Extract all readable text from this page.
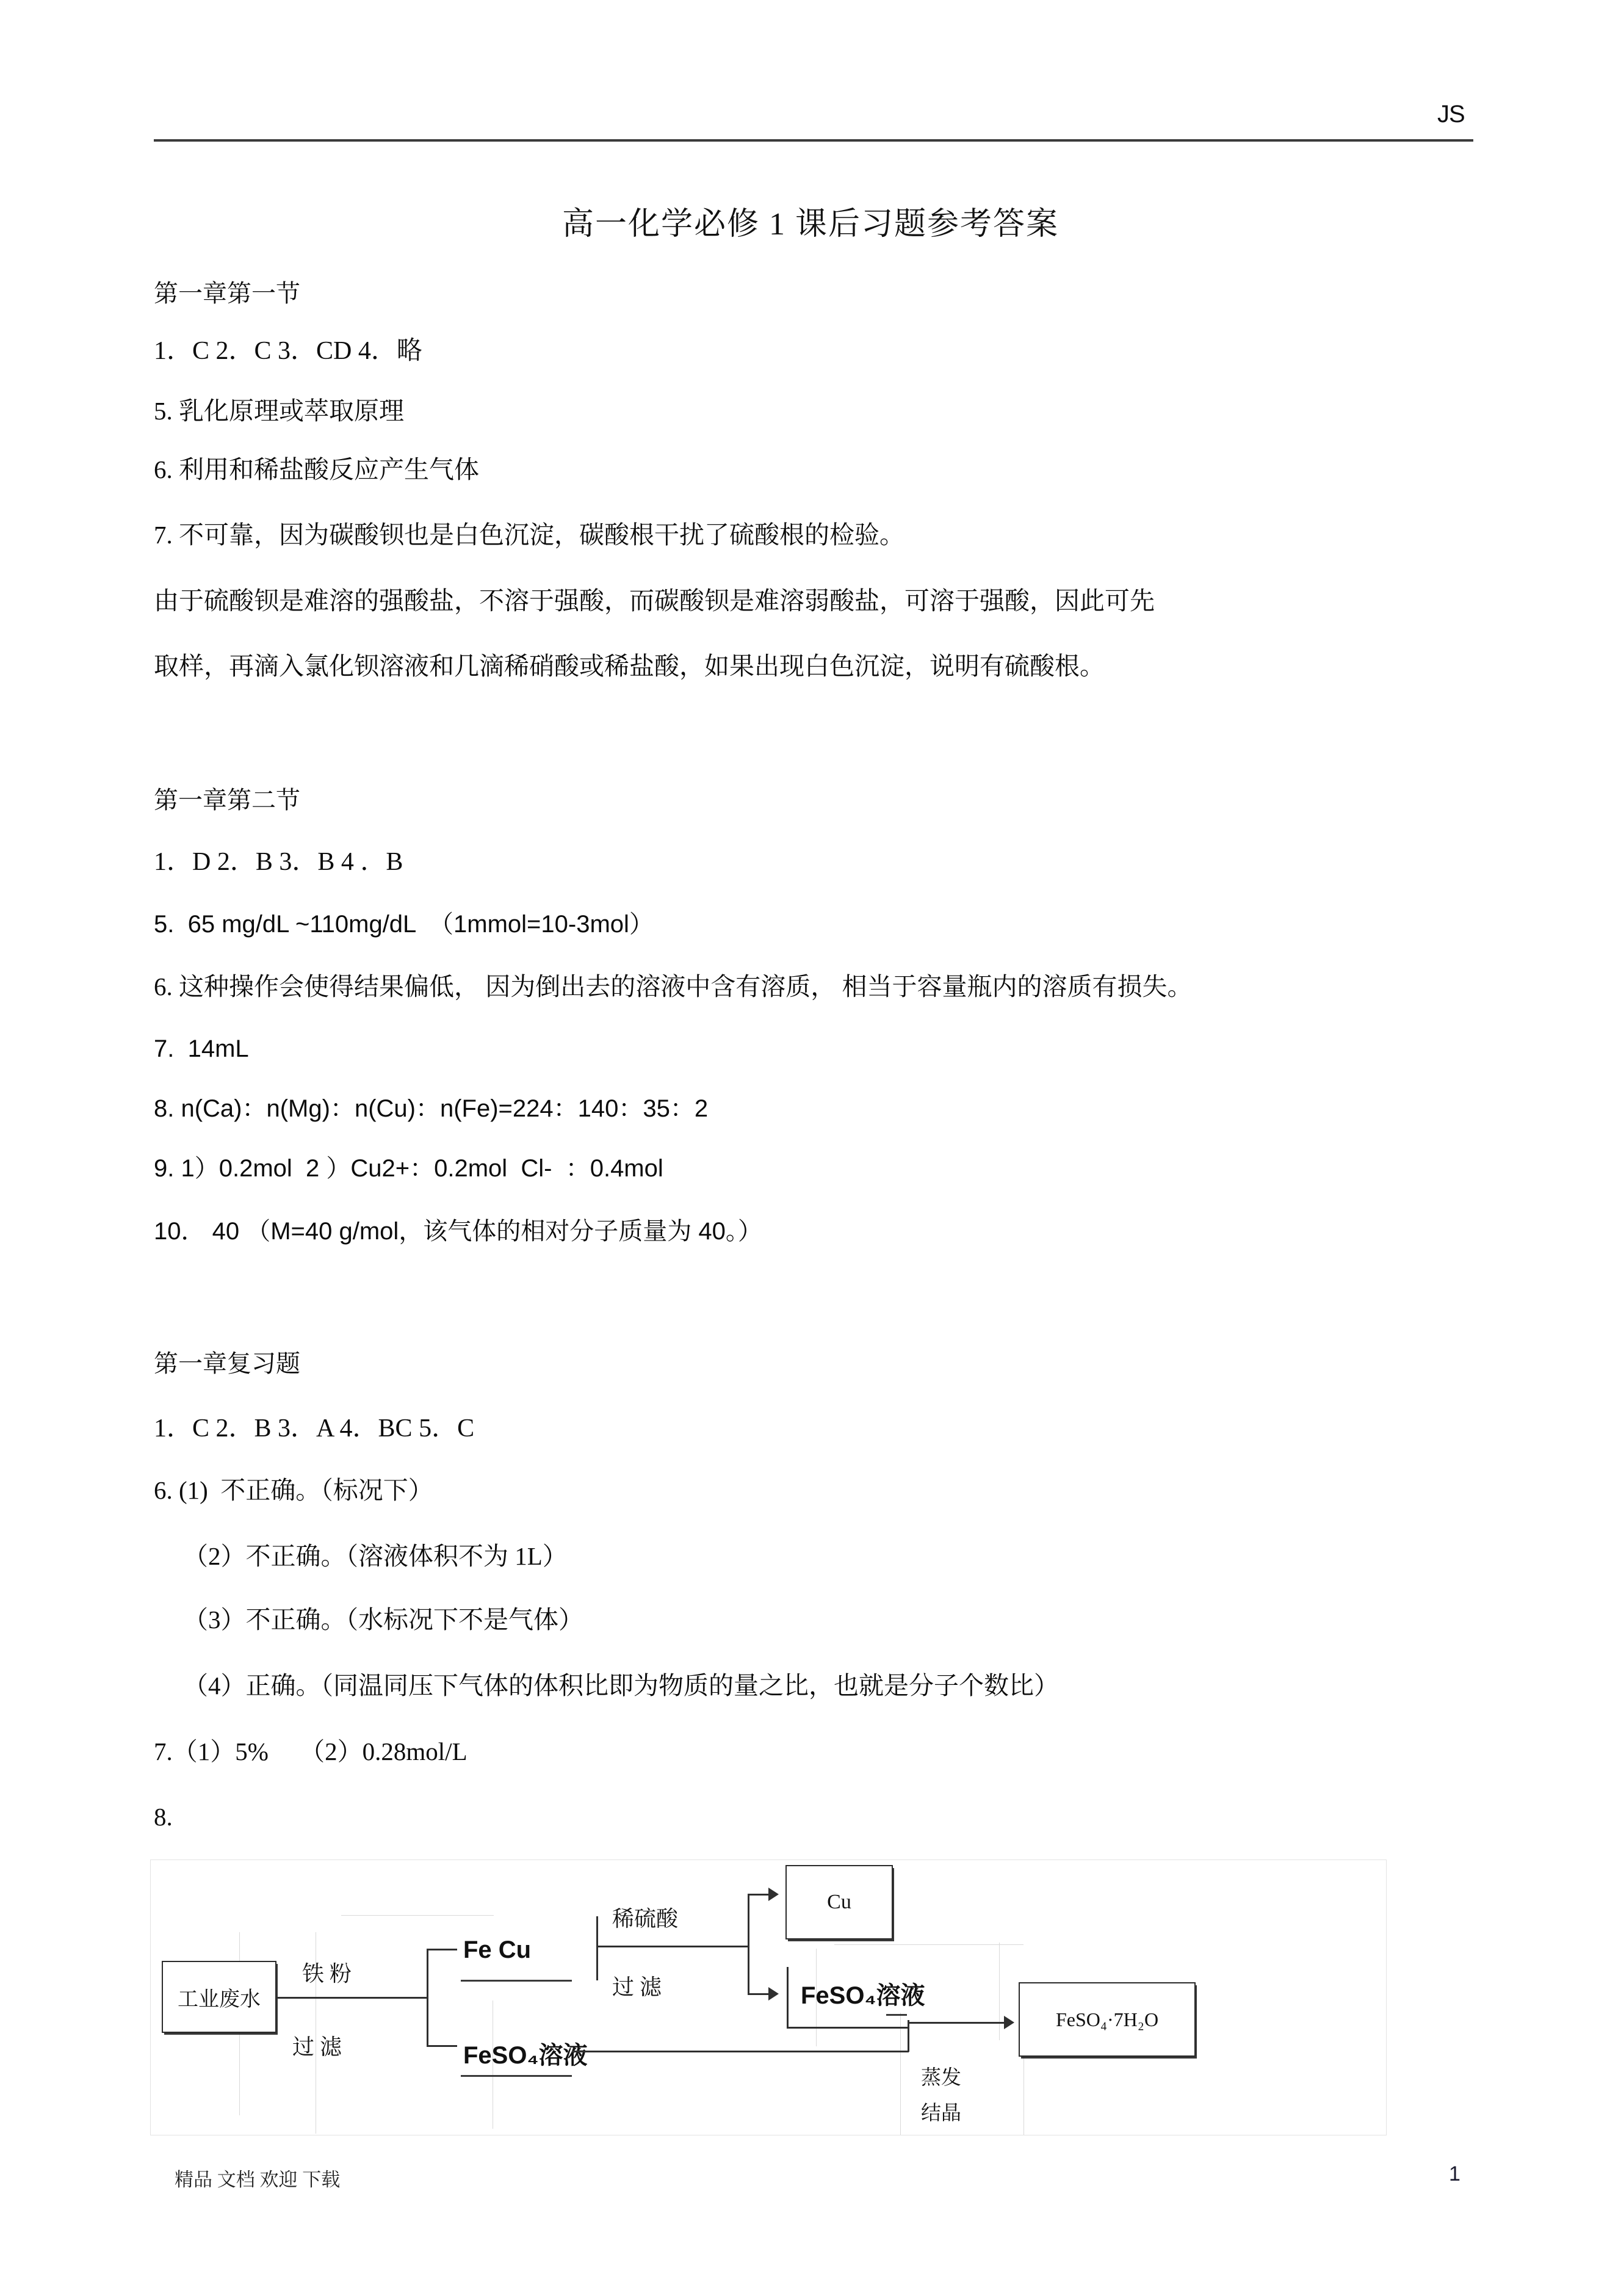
JS
高一化学必修 1 课后习题参考答案
第一章第一节
1．C 2．C 3．CD 4．略
5. 乳化原理或萃取原理
6. 利用和稀盐酸反应产生气体
7. 不可靠，因为碳酸钡也是白色沉淀，碳酸根干扰了硫酸根的检验。
由于硫酸钡是难溶的强酸盐，不溶于强酸，而碳酸钡是难溶弱酸盐，可溶于强酸，因此可先
取样，再滴入氯化钡溶液和几滴稀硝酸或稀盐酸，如果出现白色沉淀，说明有硫酸根。
第一章第二节
1．D 2．B 3．B 4 ．B
5.  65 mg/dL ~110mg/dL  （1mmol=10-3mol）
6. 这种操作会使得结果偏低， 因为倒出去的溶液中含有溶质， 相当于容量瓶内的溶质有损失。
7.  14mL
8. n(Ca)：n(Mg)：n(Cu)：n(Fe)=224：140：35：2
9. 1）0.2mol  2 ）Cu2+：0.2mol  Cl-  ：0.4mol
10． 40 （M=40 g/mol，该气体的相对分子质量为 40。）
第一章复习题
1．C 2．B 3．A 4．BC 5．C
6. (1)  不正确。（标况下）
（2）不正确。（溶液体积不为 1L）
（3）不正确。（水标况下不是气体）
（4）正确。（同温同压下气体的体积比即为物质的量之比，也就是分子个数比）
7.（1）5%     （2）0.28mol/L
8.
工业废水
铁 粉
过 滤
Fe Cu
FeSO₄溶液
稀硫酸
过 滤
Cu
FeSO₄溶液
蒸发
结晶
FeSO₄·7H₂O
精品 文档 欢迎 下载	1
